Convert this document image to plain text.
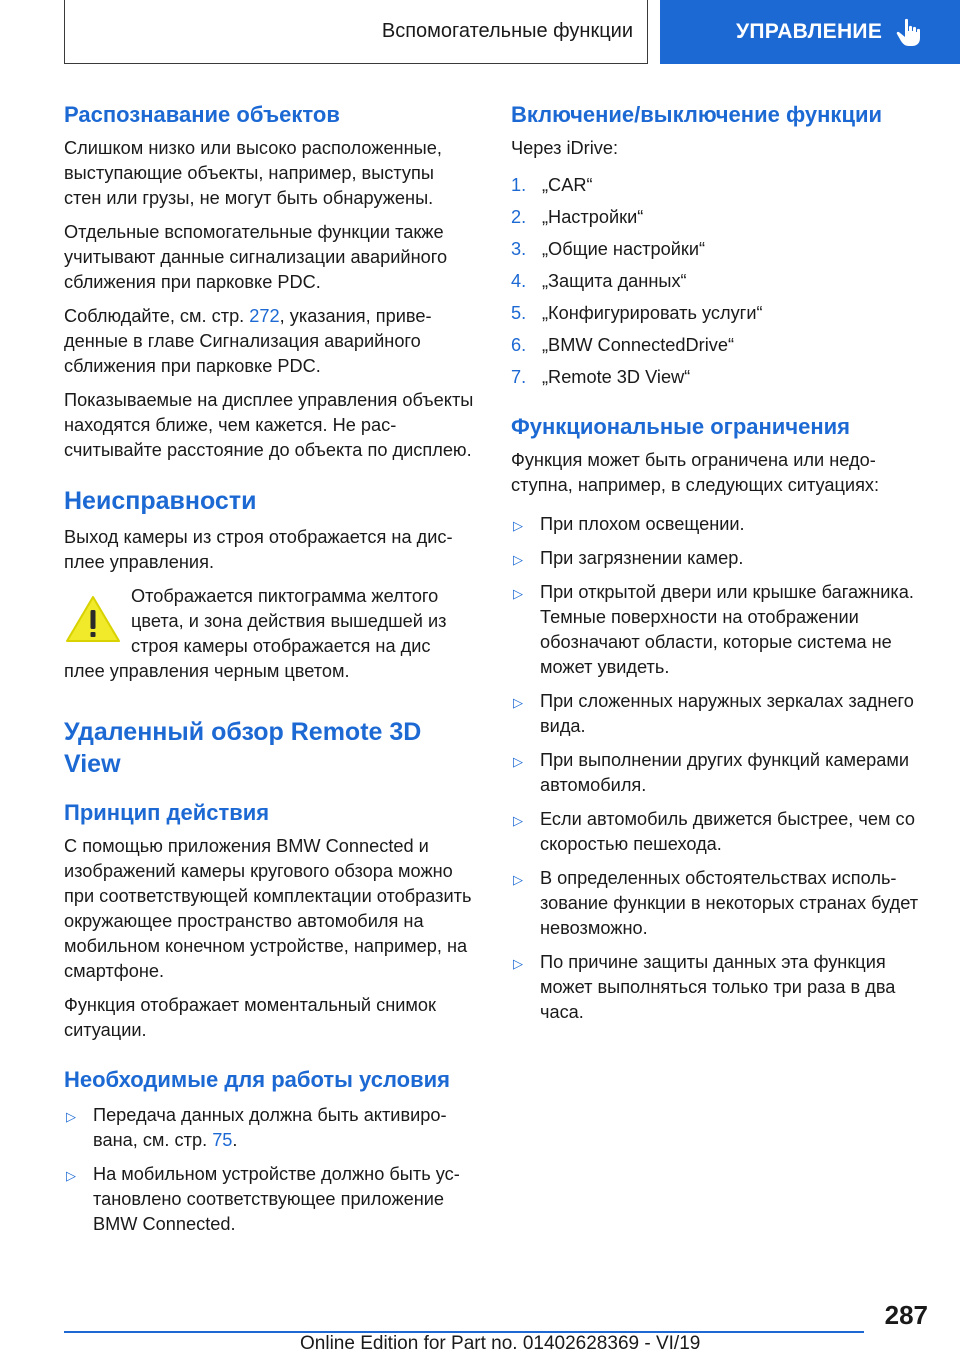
Вспомогательные функции	УПРАВЛЕНИЕ
Распознавание объектов

Слишком низко или высоко расположенные, выступающие объекты, например, выступы стен или грузы, не могут быть обнаружены.

Отдельные вспомогательные функции также учитывают данные сигнализации аварийного сближения при парковке PDC.

Соблюдайте, см. стр. 272, указания, приведенные в главе Сигнализация аварийного сближения при парковке PDC.

Показываемые на дисплее управления объекты находятся ближе, чем кажется. Не рассчитывайте расстояние до объекта по дисплею.

Неисправности

Выход камеры из строя отображается на дисплее управления.

Отображается пиктограмма желтого цвета, и зона действия вышедшей из строя камеры отображается на дис
плее управления черным цветом.
Удаленный обзор Remote 3D View
Принцип действия

С помощью приложения BMW Connected и изображений камеры кругового обзора можно при соответствующей комплектации отобразить окружающее пространство автомобиля на мобильном конечном устройстве, например, на смартфоне.

Функция отображает моментальный снимок ситуации.

Необходимые для работы условия
▷ Передача данных должна быть активирована, см. стр. 75.
▷ На мобильном устройстве должно быть установлено соответствующее приложение BMW Connected.
Включение/выключение функции

Через iDrive:

1. „CAR“
2. „Настройки“
3. „Общие настройки“
4. „Защита данных“
5. „Конфигурировать услуги“
6. „BMW ConnectedDrive“
7. „Remote 3D View“
Функциональные ограничения

Функция может быть ограничена или недоступна, например, в следующих ситуациях:

▷ При плохом освещении.
▷ При загрязнении камер.
▷ При открытой двери или крышке багажника. Темные поверхности на отображении обозначают области, которые система не может увидеть.
▷ При сложенных наружных зеркалах заднего вида.
▷ При выполнении других функций камерами автомобиля.
▷ Если автомобиль движется быстрее, чем со скоростью пешехода.
▷ В определенных обстоятельствах использование функции в некоторых странах будет невозможно.
▷ По причине защиты данных эта функция может выполняться только три раза в два часа.
287
Online Edition for Part no. 01402628369 - VI/19
